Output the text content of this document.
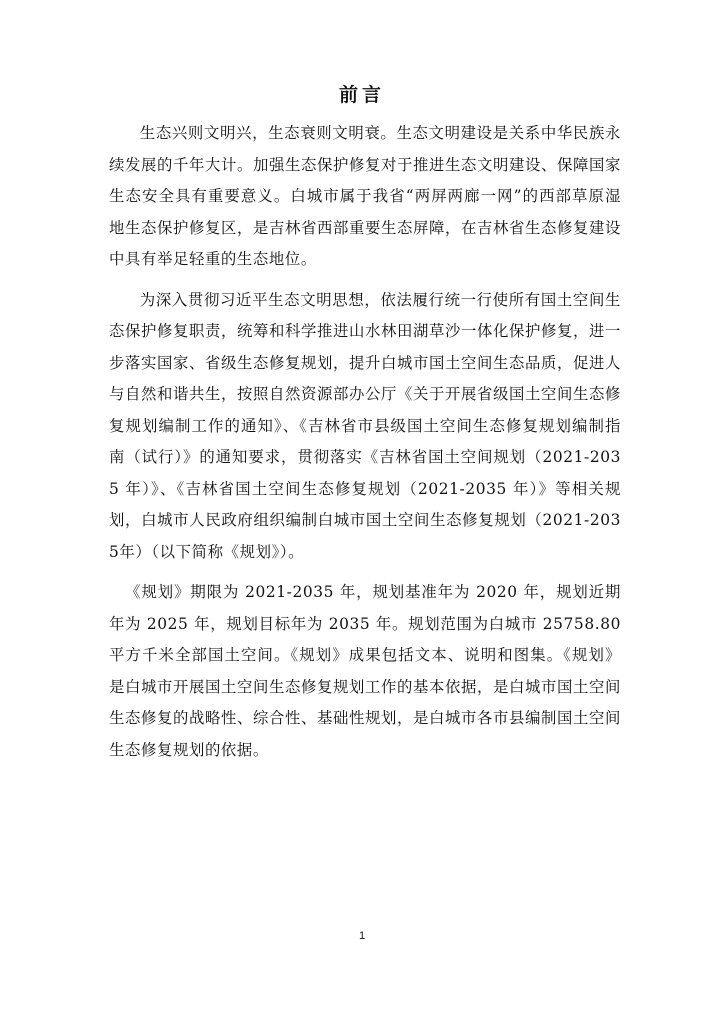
前言

生态兴则文明兴，生态衰则文明衰。生态文明建设是关系中华民族永续发展的千年大计。加强生态保护修复对于推进生态文明建设、保障国家生态安全具有重要意义。白城市属于我省“两屏两廊一网”的西部草原湿地生态保护修复区，是吉林省西部重要生态屏障，在吉林省生态修复建设中具有举足轻重的生态地位。

为深入贯彻习近平生态文明思想，依法履行统一行使所有国土空间生态保护修复职责，统筹和科学推进山水林田湖草沙一体化保护修复，进一步落实国家、省级生态修复规划，提升白城市国土空间生态品质，促进人与自然和谐共生，按照自然资源部办公厅《关于开展省级国土空间生态修复规划编制工作的通知》、《吉林省市县级国土空间生态修复规划编制指南（试行）》的通知要求，贯彻落实《吉林省国土空间规划（2021-2035 年）》、《吉林省国土空间生态修复规划（2021-2035 年）》等相关规划，白城市人民政府组织编制白城市国土空间生态修复规划（2021-2035年）（以下简称《规划》）。

《规划》期限为 2021-2035 年，规划基准年为 2020 年，规划近期年为 2025 年，规划目标年为 2035 年。规划范围为白城市 25758.80 平方千米全部国土空间。《规划》成果包括文本、说明和图集。《规划》是白城市开展国土空间生态修复规划工作的基本依据，是白城市国土空间生态修复的战略性、综合性、基础性规划，是白城市各市县编制国土空间生态修复规划的依据。

1
